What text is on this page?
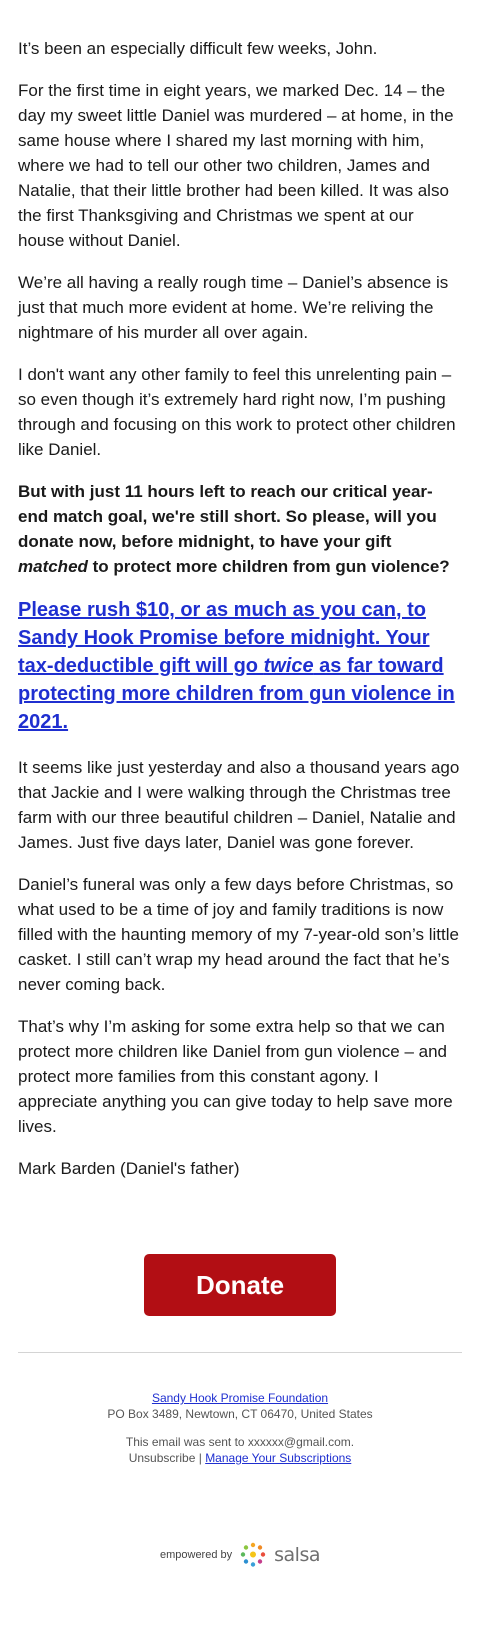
It’s been an especially difficult few weeks, John.

For the first time in eight years, we marked Dec. 14 – the day my sweet little Daniel was murdered – at home, in the same house where I shared my last morning with him, where we had to tell our other two children, James and Natalie, that their little brother had been killed. It was also the first Thanksgiving and Christmas we spent at our house without Daniel.

We’re all having a really rough time – Daniel’s absence is just that much more evident at home. We’re reliving the nightmare of his murder all over again.

I don't want any other family to feel this unrelenting pain – so even though it’s extremely hard right now, I’m pushing through and focusing on this work to protect other children like Daniel.

But with just 11 hours left to reach our critical year-end match goal, we're still short. So please, will you donate now, before midnight, to have your gift matched to protect more children from gun violence?

Please rush $10, or as much as you can, to Sandy Hook Promise before midnight. Your tax-deductible gift will go twice as far toward protecting more children from gun violence in 2021.

It seems like just yesterday and also a thousand years ago that Jackie and I were walking through the Christmas tree farm with our three beautiful children – Daniel, Natalie and James. Just five days later, Daniel was gone forever.

Daniel’s funeral was only a few days before Christmas, so what used to be a time of joy and family traditions is now filled with the haunting memory of my 7-year-old son’s little casket. I still can’t wrap my head around the fact that he’s never coming back.

That’s why I’m asking for some extra help so that we can protect more children like Daniel from gun violence – and protect more families from this constant agony. I appreciate anything you can give today to help save more lives.

Mark Barden (Daniel's father)

Donate
Sandy Hook Promise Foundation
PO Box 3489, Newtown, CT 06470, United States
This email was sent to xxxxxx@gmail.com.
Unsubscribe | Manage Your Subscriptions
empowered by salsa
